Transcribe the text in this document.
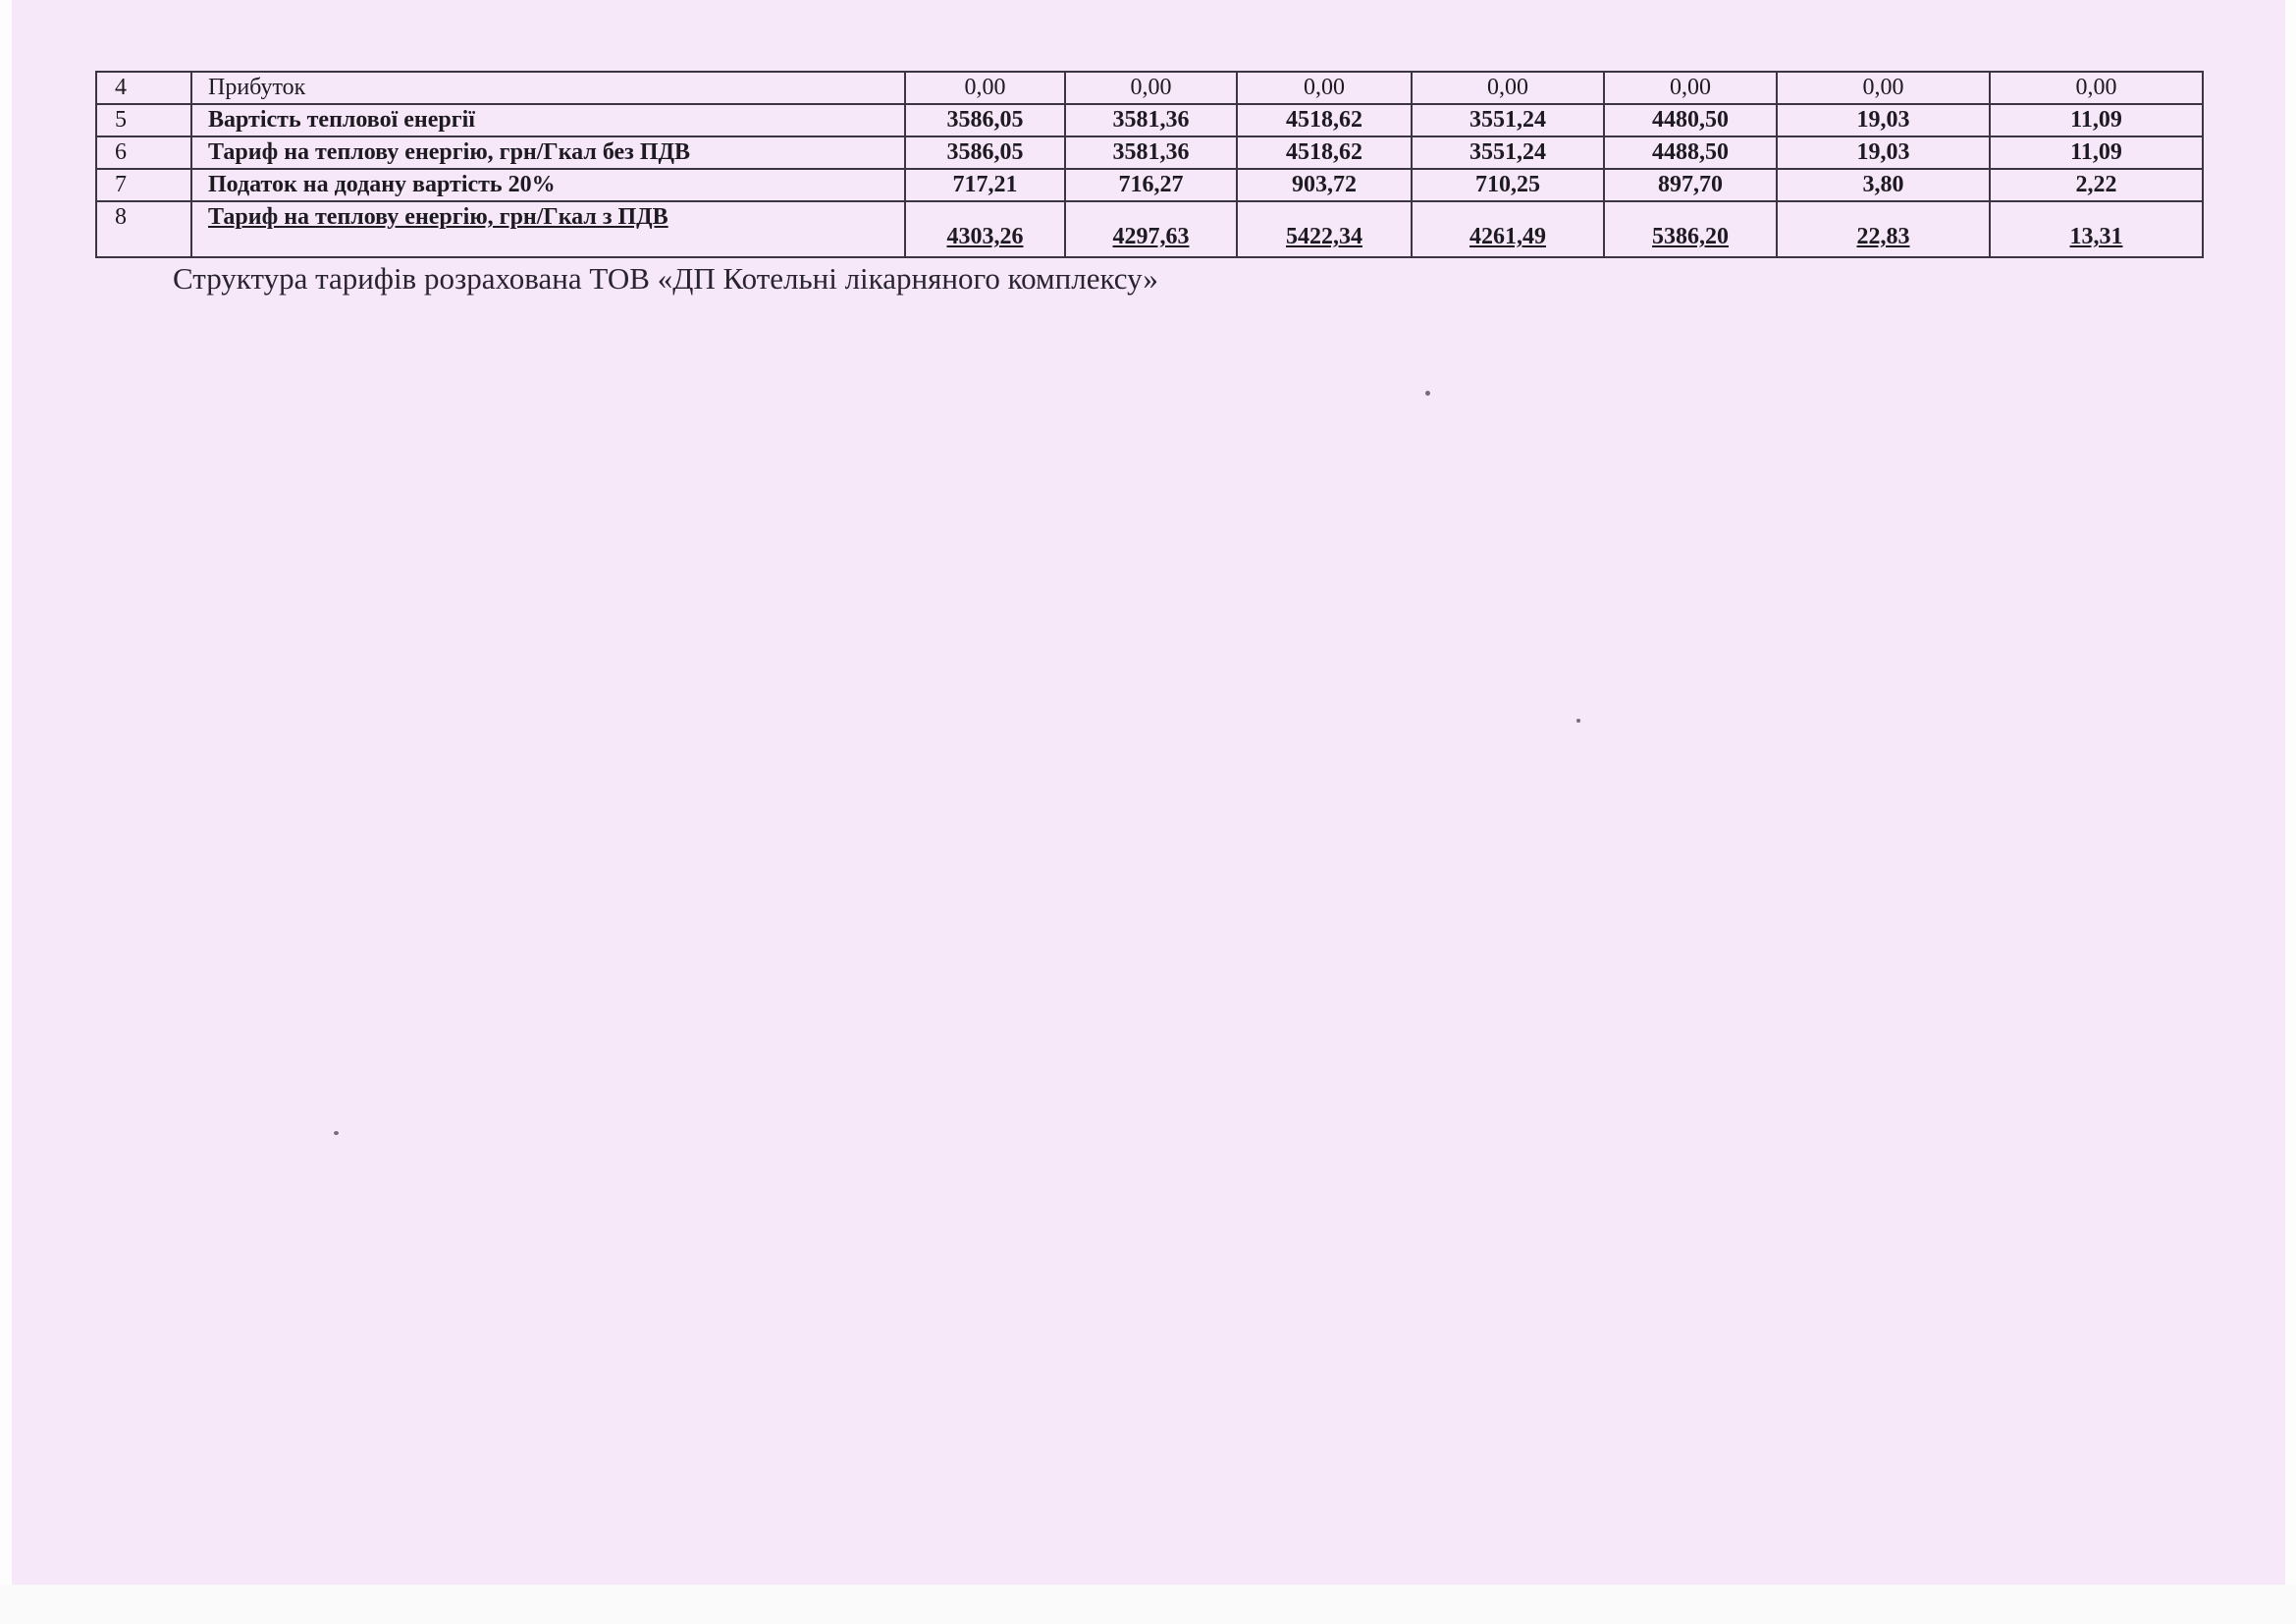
4	Прибуток	0,00	0,00	0,00	0,00	0,00	0,00	0,00
5	Вартість теплової енергії	3586,05	3581,36	4518,62	3551,24	4480,50	19,03	11,09
6	Тариф на теплову енергію, грн/Гкал без ПДВ	3586,05	3581,36	4518,62	3551,24	4488,50	19,03	11,09
7	Податок на додану вартість 20%	717,21	716,27	903,72	710,25	897,70	3,80	2,22
8	Тариф на теплову енергію, грн/Гкал з ПДВ	4303,26	4297,63	5422,34	4261,49	5386,20	22,83	13,31
Структура тарифів розрахована ТОВ «ДП Котельні лікарняного комплексу»
